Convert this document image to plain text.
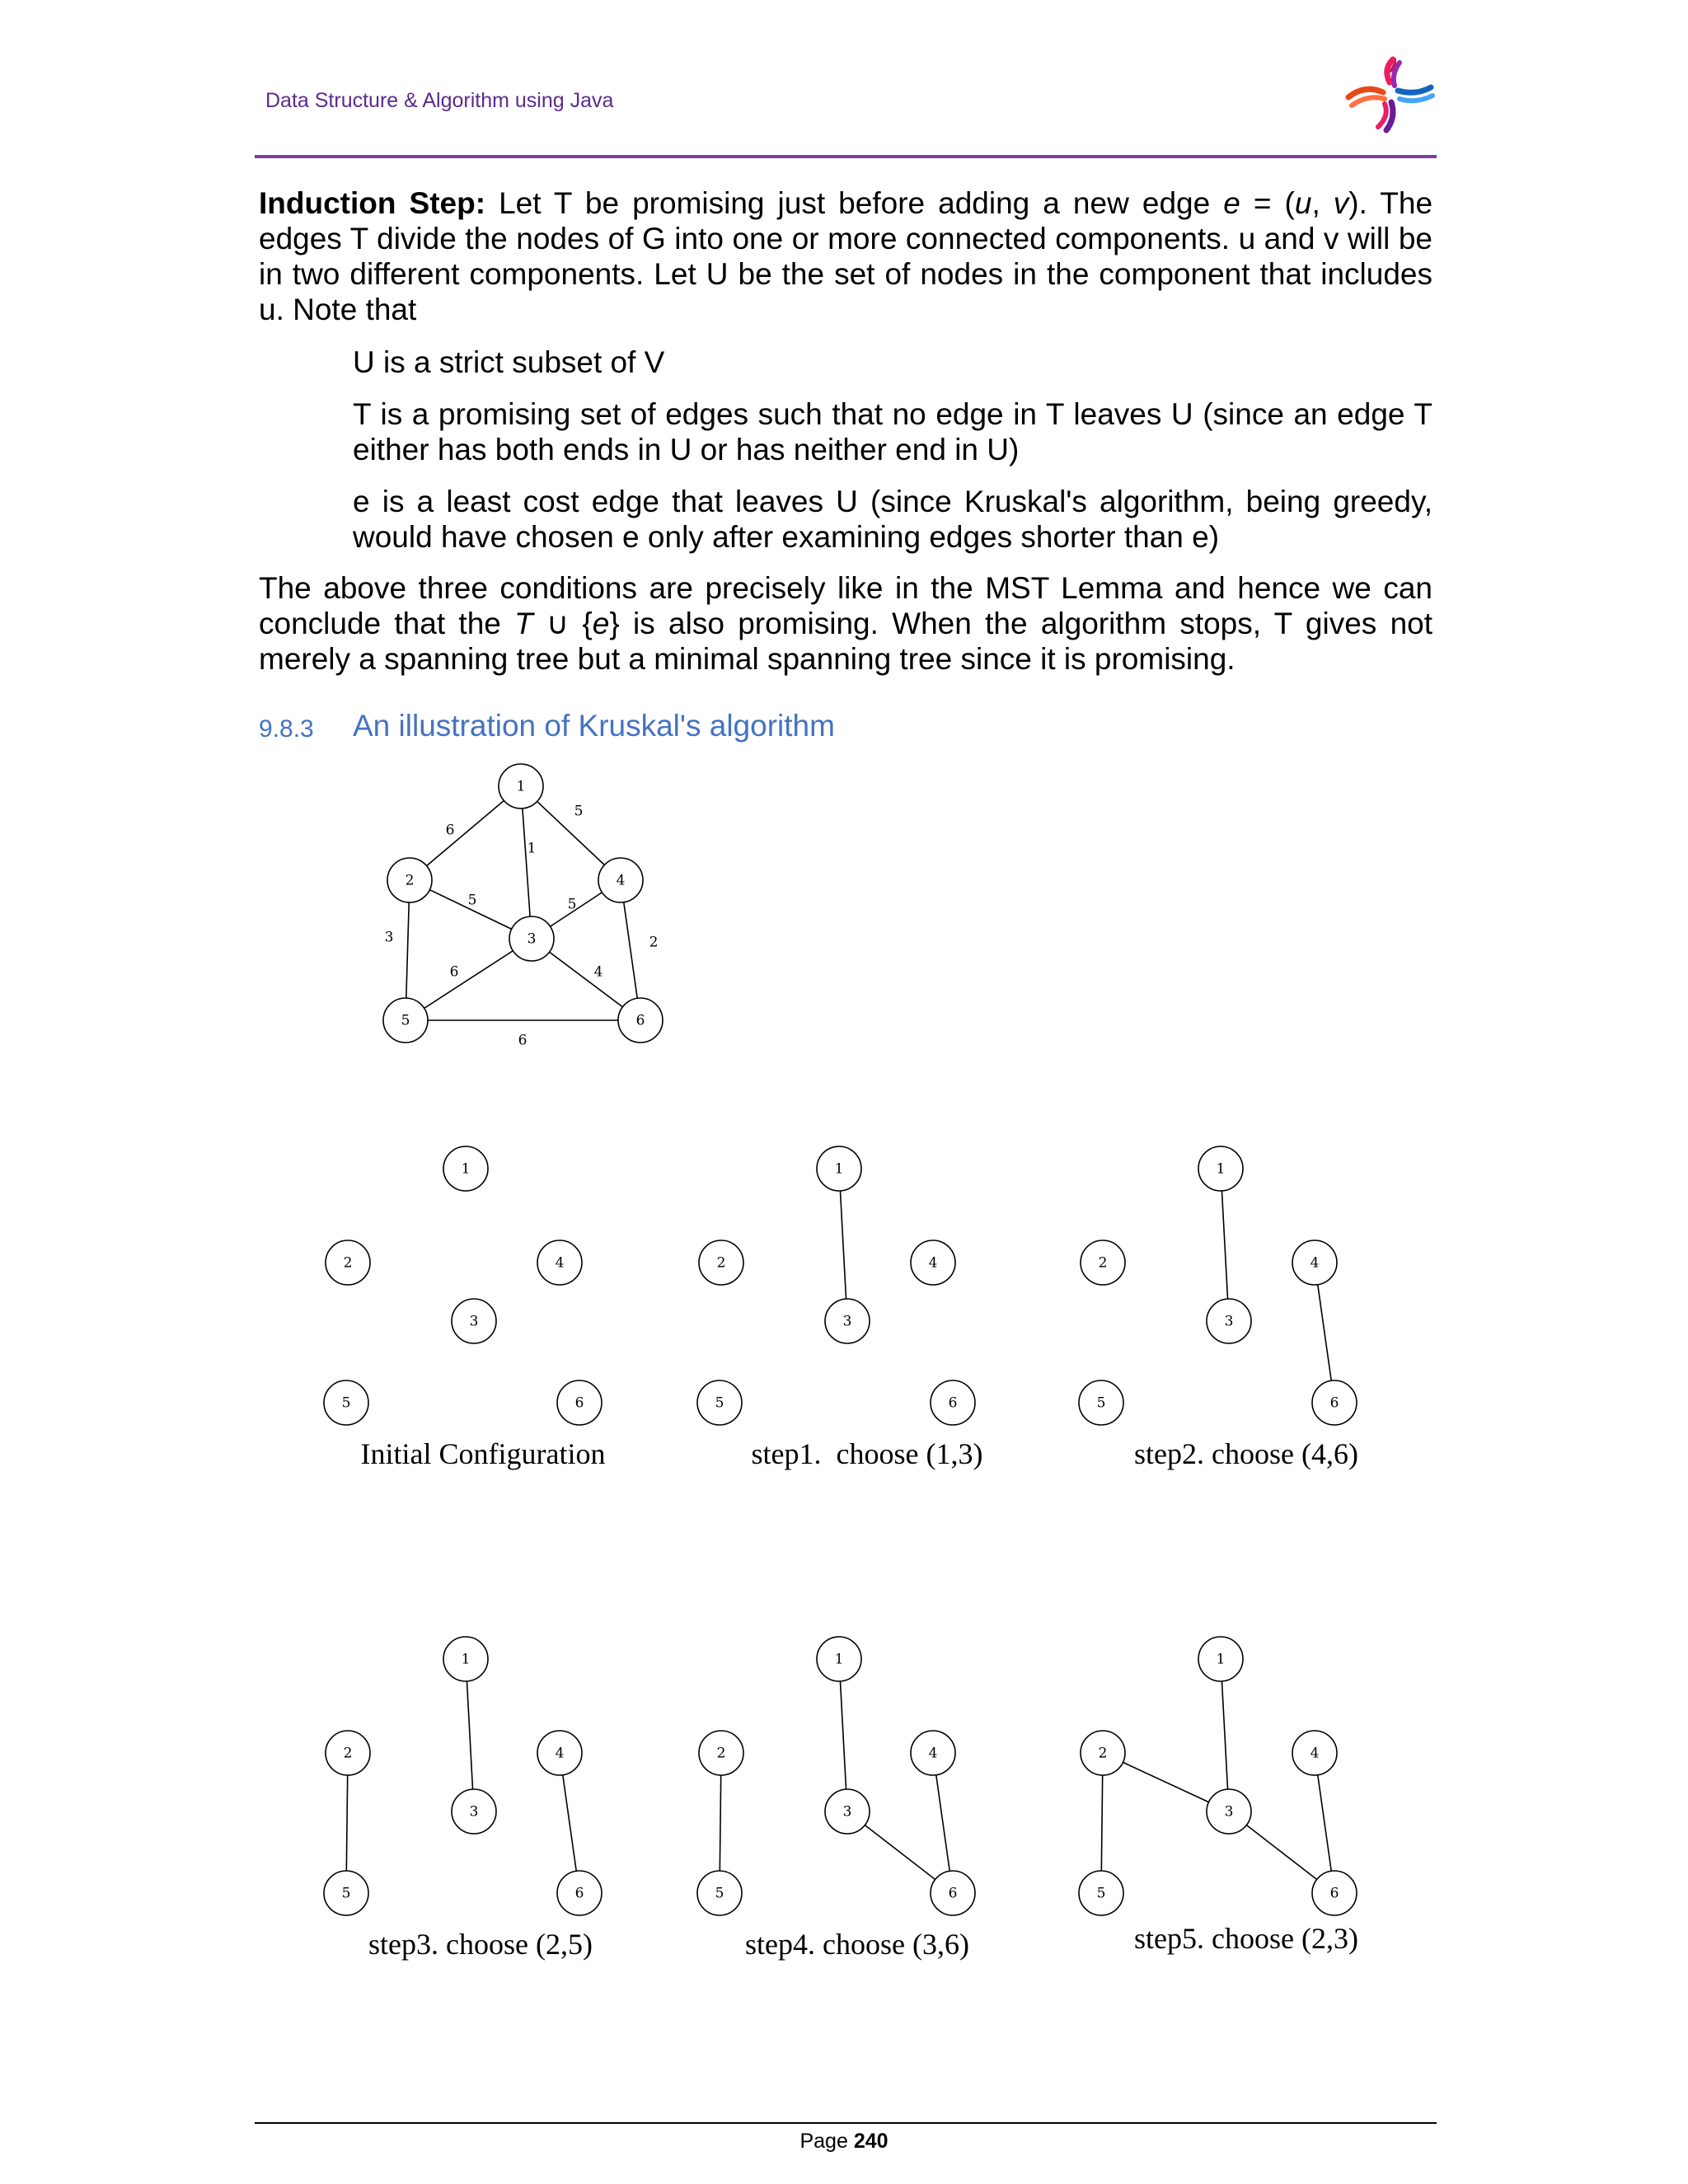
Data Structure & Algorithm using Java
Induction Step: Let T be promising just before adding a new edge e = (u, v). The edges T divide the nodes of G into one or more connected components. u and v will be in two different components. Let U be the set of nodes in the component that includes u. Note that
U is a strict subset of V
T is a promising set of edges such that no edge in T leaves U (since an edge T either has both ends in U or has neither end in U)
e is a least cost edge that leaves U (since Kruskal's algorithm, being greedy, would have chosen e only after examining edges shorter than e)
The above three conditions are precisely like in the MST Lemma and hence we can conclude that the T ∪ {e} is also promising. When the algorithm stops, T gives not merely a spanning tree but a minimal spanning tree since it is promising.
9.8.3 An illustration of Kruskal's algorithm
6
1
5
5	5
3	2
6	4
6
1
2
3
4
5	6
1
2
3
4
5	6
Initial Configuration
1
2
3
4
5	6
step1.  choose (1,3)
1
2
3
4
5	6
step2. choose (4,6)
1
2
3
4
5	6
step3. choose (2,5)
1
2
3
4
5	6
step4. choose (3,6)
1
2
3
4
5	6
step5. choose (2,3)
Page 240
